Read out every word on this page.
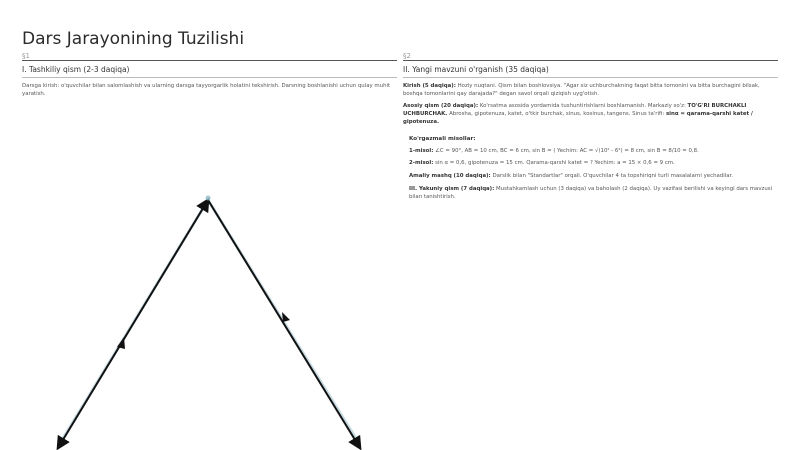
Dars Jarayonining Tuzilishi
§1
I. Tashkiliy qism (2-3 daqiqa)
Darsga kirish: o'quvchilar bilan salomlashish va ularning darsga tayyorgarlik holatini tekshirish. Darsning boshlanishi uchun qulay muhit yaratish.
§2
II. Yangi mavzuni o'rganish (35 daqiqa)
Kirish (5 daqiqa): Hoziy nuqtani. Qism bilan boshlovsiya. "Agar siz uchburchakning faqat bitta tomonini va bitta burchagini bilsak, boshqa tomonlarini qay darajada?" degan savol orqali qiziqish uyg'otish.
Asosiy qism (20 daqiqa): Ko'rsatma asosida yordamida tushuntirishlarni boshlamanish. Markaziy so'z: TO'G'RI BURCHAKLI UCHBURCHAK. Abrosha, gipotenuza, katet, o'tkir burchak, sinus, kosinus, tangens. Sinus ta'rifi: sinα = qarama-qarshi katet / gipotenuza.
Ko'rgazmali misollar:
1-misol: ∠C = 90°, AB = 10 cm, BC = 6 cm, sin B = ( Yechim: AC = √(10² - 6²) = 8 cm, sin B = 8/10 = 0,8.
2-misol: sin α = 0,6, gipotenuza = 15 cm. Qarama-qarshi katet = ? Yechim: a = 15 × 0,6 = 9 cm.
Amaliy mashq (10 daqiqa): Darslik bilan "Standartlar" orqali. O'quvchilar 4 ta topshiriqni turli masalalarni yechadilar.
III. Yakuniy qism (7 daqiqa): Mustahkamlash uchun (3 daqiqa) va baholash (2 daqiqa). Uy vazifasi berilishi va keyingi dars mavzusi bilan tanishtirish.
